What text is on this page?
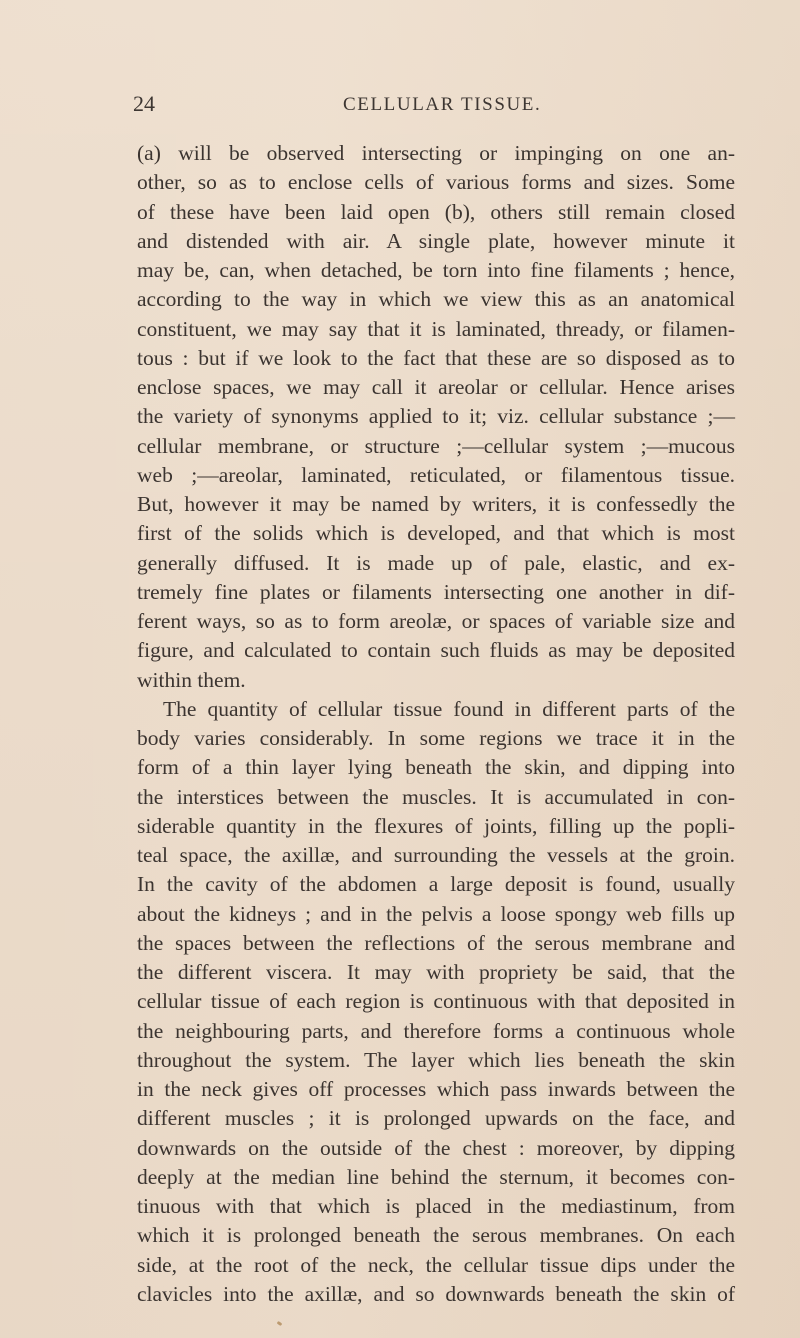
24	CELLULAR TISSUE.
(a) will be observed intersecting or impinging on one an-
other, so as to enclose cells of various forms and sizes. Some
of these have been laid open (b), others still remain closed
and distended with air. A single plate, however minute it
may be, can, when detached, be torn into fine filaments ; hence,
according to the way in which we view this as an anatomical
constituent, we may say that it is laminated, thready, or filamen-
tous : but if we look to the fact that these are so disposed as to
enclose spaces, we may call it areolar or cellular. Hence arises
the variety of synonyms applied to it; viz. cellular substance ;—
cellular membrane, or structure ;—cellular system ;—mucous
web ;—areolar, laminated, reticulated, or filamentous tissue.
But, however it may be named by writers, it is confessedly the
first of the solids which is developed, and that which is most
generally diffused. It is made up of pale, elastic, and ex-
tremely fine plates or filaments intersecting one another in dif-
ferent ways, so as to form areolæ, or spaces of variable size and
figure, and calculated to contain such fluids as may be deposited
within them.
The quantity of cellular tissue found in different parts of the
body varies considerably. In some regions we trace it in the
form of a thin layer lying beneath the skin, and dipping into
the interstices between the muscles. It is accumulated in con-
siderable quantity in the flexures of joints, filling up the popli-
teal space, the axillæ, and surrounding the vessels at the groin.
In the cavity of the abdomen a large deposit is found, usually
about the kidneys ; and in the pelvis a loose spongy web fills up
the spaces between the reflections of the serous membrane and
the different viscera. It may with propriety be said, that the
cellular tissue of each region is continuous with that deposited in
the neighbouring parts, and therefore forms a continuous whole
throughout the system. The layer which lies beneath the skin
in the neck gives off processes which pass inwards between the
different muscles ; it is prolonged upwards on the face, and
downwards on the outside of the chest : moreover, by dipping
deeply at the median line behind the sternum, it becomes con-
tinuous with that which is placed in the mediastinum, from
which it is prolonged beneath the serous membranes. On each
side, at the root of the neck, the cellular tissue dips under the
clavicles into the axillæ, and so downwards beneath the skin of
